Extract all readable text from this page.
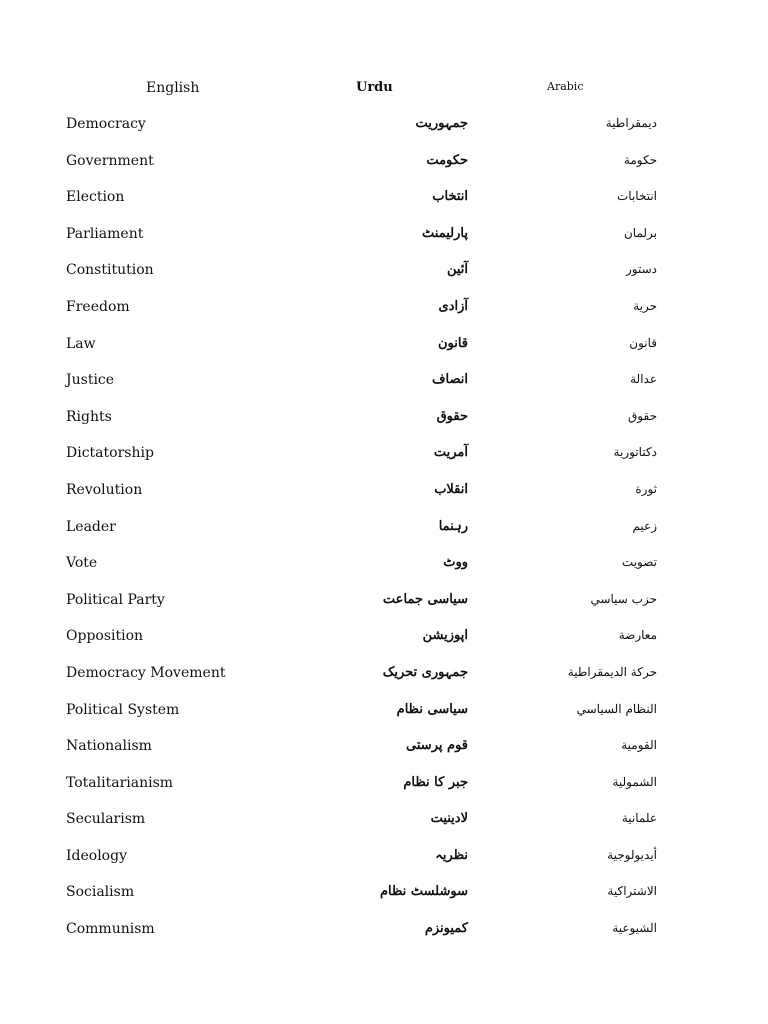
English	Urdu	Arabic
Democracy	جمہوریت	ديمقراطية
Government	حکومت	حكومة
Election	انتخاب	انتخابات
Parliament	پارلیمنٹ	برلمان
Constitution	آئین	دستور
Freedom	آزادی	حرية
Law	قانون	قانون
Justice	انصاف	عدالة
Rights	حقوق	حقوق
Dictatorship	آمریت	دكتاتورية
Revolution	انقلاب	ثورة
Leader	رہنما	زعيم
Vote	ووٹ	تصويت
Political Party	سیاسی جماعت	حزب سياسي
Opposition	اپوزیشن	معارضة
Democracy Movement	جمہوری تحریک	حركة الديمقراطية
Political System	سیاسی نظام	النظام السياسي
Nationalism	قوم پرستی	القومية
Totalitarianism	جبر کا نظام	الشمولية
Secularism	لادینیت	علمانية
Ideology	نظریہ	أيديولوجية
Socialism	سوشلسٹ نظام	الاشتراكية
Communism	کمیونزم	الشيوعية
